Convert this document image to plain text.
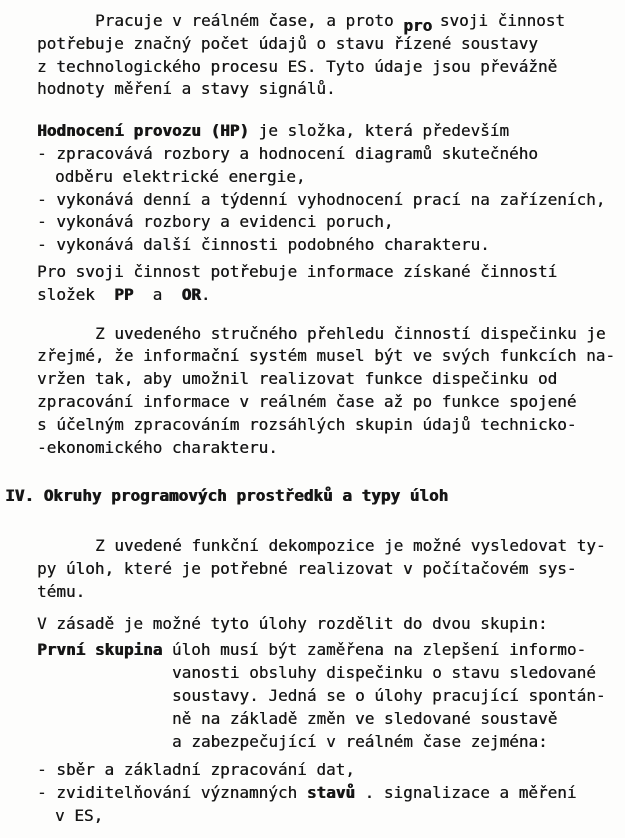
Pracuje v reálném čase, a proto pro svoji činnost
potřebuje značný počet údajů o stavu řízené soustavy
z technologického procesu ES. Tyto údaje jsou převážně
hodnoty měření a stavy signálů.
Hodnocení provozu (HP) je složka, která především
- zpracovává rozbory a hodnocení diagramů skutečného
odběru elektrické energie,
- vykonává denní a týdenní vyhodnocení prací na zařízeních,
- vykonává rozbory a evidenci poruch,
- vykonává další činnosti podobného charakteru.
Pro svoji činnost potřebuje informace získané činností
složek  PP  a  OR.
Z uvedeného stručného přehledu činností dispečinku je
zřejmé, že informační systém musel být ve svých funkcích na-
vržen tak, aby umožnil realizovat funkce dispečinku od
zpracování informace v reálném čase až po funkce spojené
s účelným zpracováním rozsáhlých skupin údajů technicko-
-ekonomického charakteru.
IV. Okruhy programových prostředků a typy úloh
Z uvedené funkční dekompozice je možné vysledovat ty-
py úloh, které je potřebné realizovat v počítačovém sys-
tému.
V zásadě je možné tyto úlohy rozdělit do dvou skupin:
První skupina úloh musí být zaměřena na zlepšení informo-
vanosti obsluhy dispečinku o stavu sledované
soustavy. Jedná se o úlohy pracující spontán-
ně na základě změn ve sledované soustavě
a zabezpečující v reálném čase zejména:
- sběr a základní zpracování dat,
- zviditelňování významných stavů . signalizace a měření
v ES,
